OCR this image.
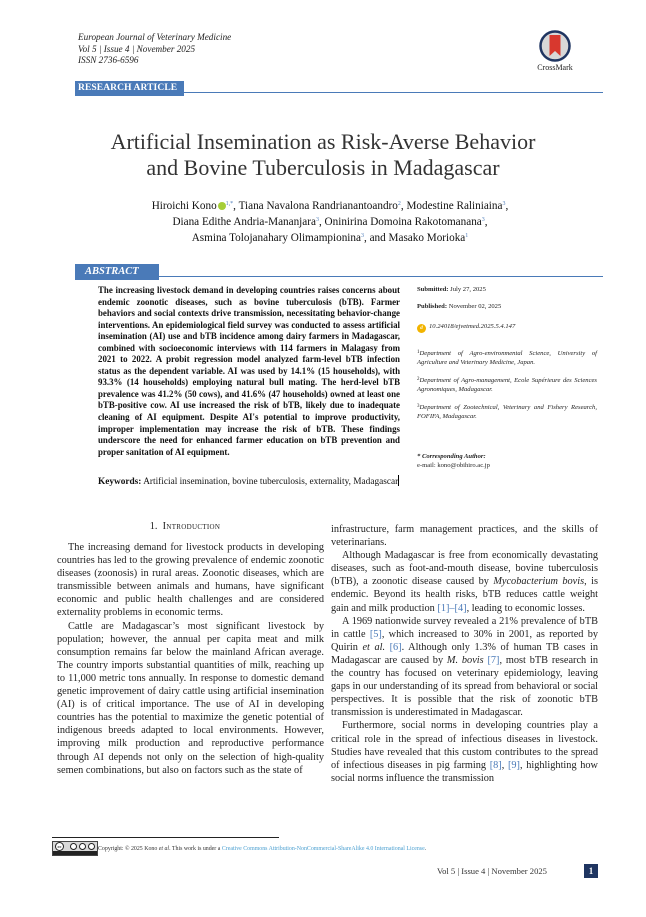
European Journal of Veterinary Medicine
Vol 5 | Issue 4 | November 2025
ISSN 2736-6596
CrossMark
RESEARCH ARTICLE
Artificial Insemination as Risk-Averse Behavior
and Bovine Tuberculosis in Madagascar
Hiroichi Kono $^{1,*}$, Tiana Navalona Randrianantoandro$^2$, Modestine Raliniaina$^3$,
Diana Edithe Andria-Mananjara$^3$, Oninirina Domoina Rakotomanana$^3$,
Asmina Tolojanahary Olimampionina$^3$, and Masako Morioka$^1$
ABSTRACT
The increasing livestock demand in developing countries raises concerns about endemic zoonotic diseases, such as bovine tuberculosis (bTB). Farmer behaviors and social contexts drive transmission, necessitating behavior-change interventions. An epidemiological field survey was conducted to assess artificial insemination (AI) use and bTB incidence among dairy farmers in Madagascar, combined with socioeconomic interviews with 114 farmers in Malagasy from 2021 to 2022. A probit regression model analyzed farm-level bTB infection status as the dependent variable. AI was used by 14.1% (15 households), with 93.3% (14 households) employing natural bull mating. The herd-level bTB prevalence was 41.2% (50 cows), and 41.6% (47 households) owned at least one bTB-positive cow. AI use increased the risk of bTB, likely due to inadequate cleaning of AI equipment. Despite AI's potential to improve productivity, improper implementation may increase the risk of bTB. These findings underscore the need for enhanced farmer education on bTB prevention and proper sanitation of AI equipment.
Keywords: Artificial insemination, bovine tuberculosis, externality, Madagascar
Submitted: July 27, 2025
Published: November 02, 2025
d 10.24018/ejvetmed.2025.5.4.147
$^1$Department of Agro-environmental Science, University of Agriculture and Veterinary Medicine, Japan.
$^2$Department of Agro-management, Ecole Supérieure des Sciences Agronomiques, Madagascar.
$^3$Department of Zootechnical, Veterinary and Fishery Research, FOFIFA, Madagascar.
* Corresponding Author:
e-mail: kono@obihiro.ac.jp
1. Introduction

The increasing demand for livestock products in developing countries has led to the growing prevalence of endemic zoonotic diseases (zoonosis) in rural areas. Zoonotic diseases, which are transmissible between animals and humans, have significant economic and public health challenges and are considered externality problems in economic terms.

Cattle are Madagascar’s most significant livestock by population; however, the annual per capita meat and milk consumption remains far below the mainland African average. The country imports substantial quantities of milk, reaching up to 11,000 metric tons annually. In response to domestic demand genetic improvement of dairy cattle using artificial insemination (AI) is of critical importance. The use of AI in developing countries has the potential to maximize the genetic potential of indigenous breeds adapted to local environments. However, improving milk production and reproductive performance through AI depends not only on the selection of high-quality semen combinations, but also on factors such as the state of

infrastructure, farm management practices, and the skills of veterinarians.

Although Madagascar is free from economically devastating diseases, such as foot-and-mouth disease, bovine tuberculosis (bTB), a zoonotic disease caused by Mycobacterium bovis, is endemic. Beyond its health risks, bTB reduces cattle weight gain and milk production [1]–[4], leading to economic losses.

A 1969 nationwide survey revealed a 21% prevalence of bTB in cattle [5], which increased to 30% in 2001, as reported by Quirin et al. [6]. Although only 1.3% of human TB cases in Madagascar are caused by M. bovis [7], most bTB research in the country has focused on veterinary epidemiology, leaving gaps in our understanding of its spread from behavioral or social perspectives. It is possible that the risk of zoonotic bTB transmission is underestimated in Madagascar.

Furthermore, social norms in developing countries play a critical role in the spread of infectious diseases in livestock. Studies have revealed that this custom contributes to the spread of infectious diseases in pig farming [8], [9], highlighting how social norms influence the transmission

cc	Copyright: © 2025 Kono et al. This work is under a Creative Commons Attribution-NonCommercial-ShareAlike 4.0 International License.
Vol 5 | Issue 4 | November 2025	1
